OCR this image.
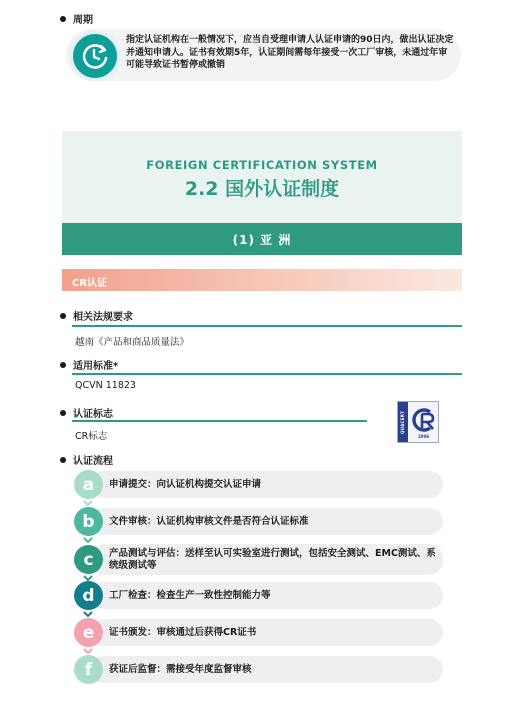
周期
指定认证机构在一般情况下，应当自受理申请人认证申请的90日内，做出认证决定并通知申请人。证书有效期5年，认证期间需每年接受一次工厂审核，未通过年审可能导致证书暂停或撤销
FOREIGN CERTIFICATION SYSTEM
2.2 国外认证制度
(1) 亚 洲
CR认证
相关法规要求
越南《产品和商品质量法》
适用标准*
QCVN 11823
认证标志
CR标志
QUACERT
2006
认证流程
a	申请提交：向认证机构提交认证申请
b	文件审核：认证机构审核文件是否符合认证标准
c	产品测试与评估：送样至认可实验室进行测试，包括安全测试、EMC测试、系统级测试等
d	工厂检查：检查生产一致性控制能力等
e	证书颁发：审核通过后获得CR证书
f	获证后监督：需接受年度监督审核
